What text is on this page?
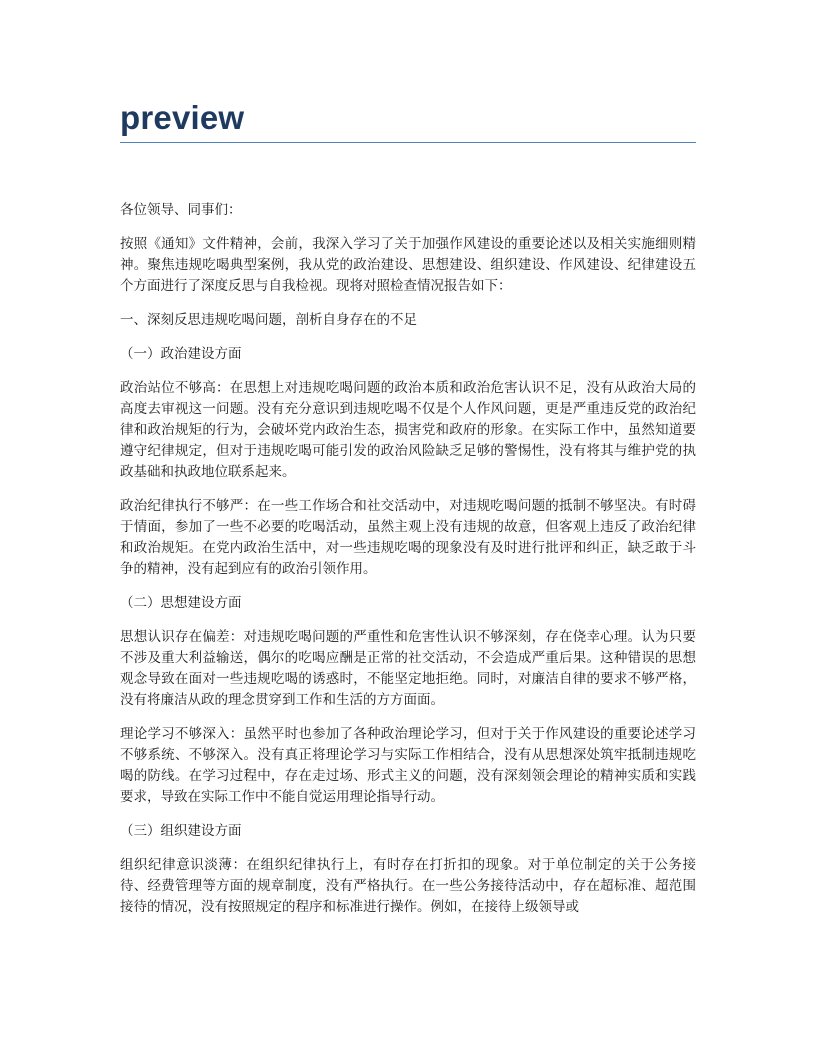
preview

各位领导、同事们：

按照《通知》文件精神，会前，我深入学习了关于加强作风建设的重要论述以及相关实施细则精神。聚焦违规吃喝典型案例，我从党的政治建设、思想建设、组织建设、作风建设、纪律建设五个方面进行了深度反思与自我检视。现将对照检查情况报告如下：

一、深刻反思违规吃喝问题，剖析自身存在的不足

（一）政治建设方面

政治站位不够高：在思想上对违规吃喝问题的政治本质和政治危害认识不足，没有从政治大局的高度去审视这一问题。没有充分意识到违规吃喝不仅是个人作风问题，更是严重违反党的政治纪律和政治规矩的行为，会破坏党内政治生态，损害党和政府的形象。在实际工作中，虽然知道要遵守纪律规定，但对于违规吃喝可能引发的政治风险缺乏足够的警惕性，没有将其与维护党的执政基础和执政地位联系起来。

政治纪律执行不够严：在一些工作场合和社交活动中，对违规吃喝问题的抵制不够坚决。有时碍于情面，参加了一些不必要的吃喝活动，虽然主观上没有违规的故意，但客观上违反了政治纪律和政治规矩。在党内政治生活中，对一些违规吃喝的现象没有及时进行批评和纠正，缺乏敢于斗争的精神，没有起到应有的政治引领作用。

（二）思想建设方面

思想认识存在偏差：对违规吃喝问题的严重性和危害性认识不够深刻，存在侥幸心理。认为只要不涉及重大利益输送，偶尔的吃喝应酬是正常的社交活动，不会造成严重后果。这种错误的思想观念导致在面对一些违规吃喝的诱惑时，不能坚定地拒绝。同时，对廉洁自律的要求不够严格，没有将廉洁从政的理念贯穿到工作和生活的方方面面。

理论学习不够深入：虽然平时也参加了各种政治理论学习，但对于关于作风建设的重要论述学习不够系统、不够深入。没有真正将理论学习与实际工作相结合，没有从思想深处筑牢抵制违规吃喝的防线。在学习过程中，存在走过场、形式主义的问题，没有深刻领会理论的精神实质和实践要求，导致在实际工作中不能自觉运用理论指导行动。

（三）组织建设方面

组织纪律意识淡薄：在组织纪律执行上，有时存在打折扣的现象。对于单位制定的关于公务接待、经费管理等方面的规章制度，没有严格执行。在一些公务接待活动中，存在超标准、超范围接待的情况，没有按照规定的程序和标准进行操作。例如，在接待上级领导或
